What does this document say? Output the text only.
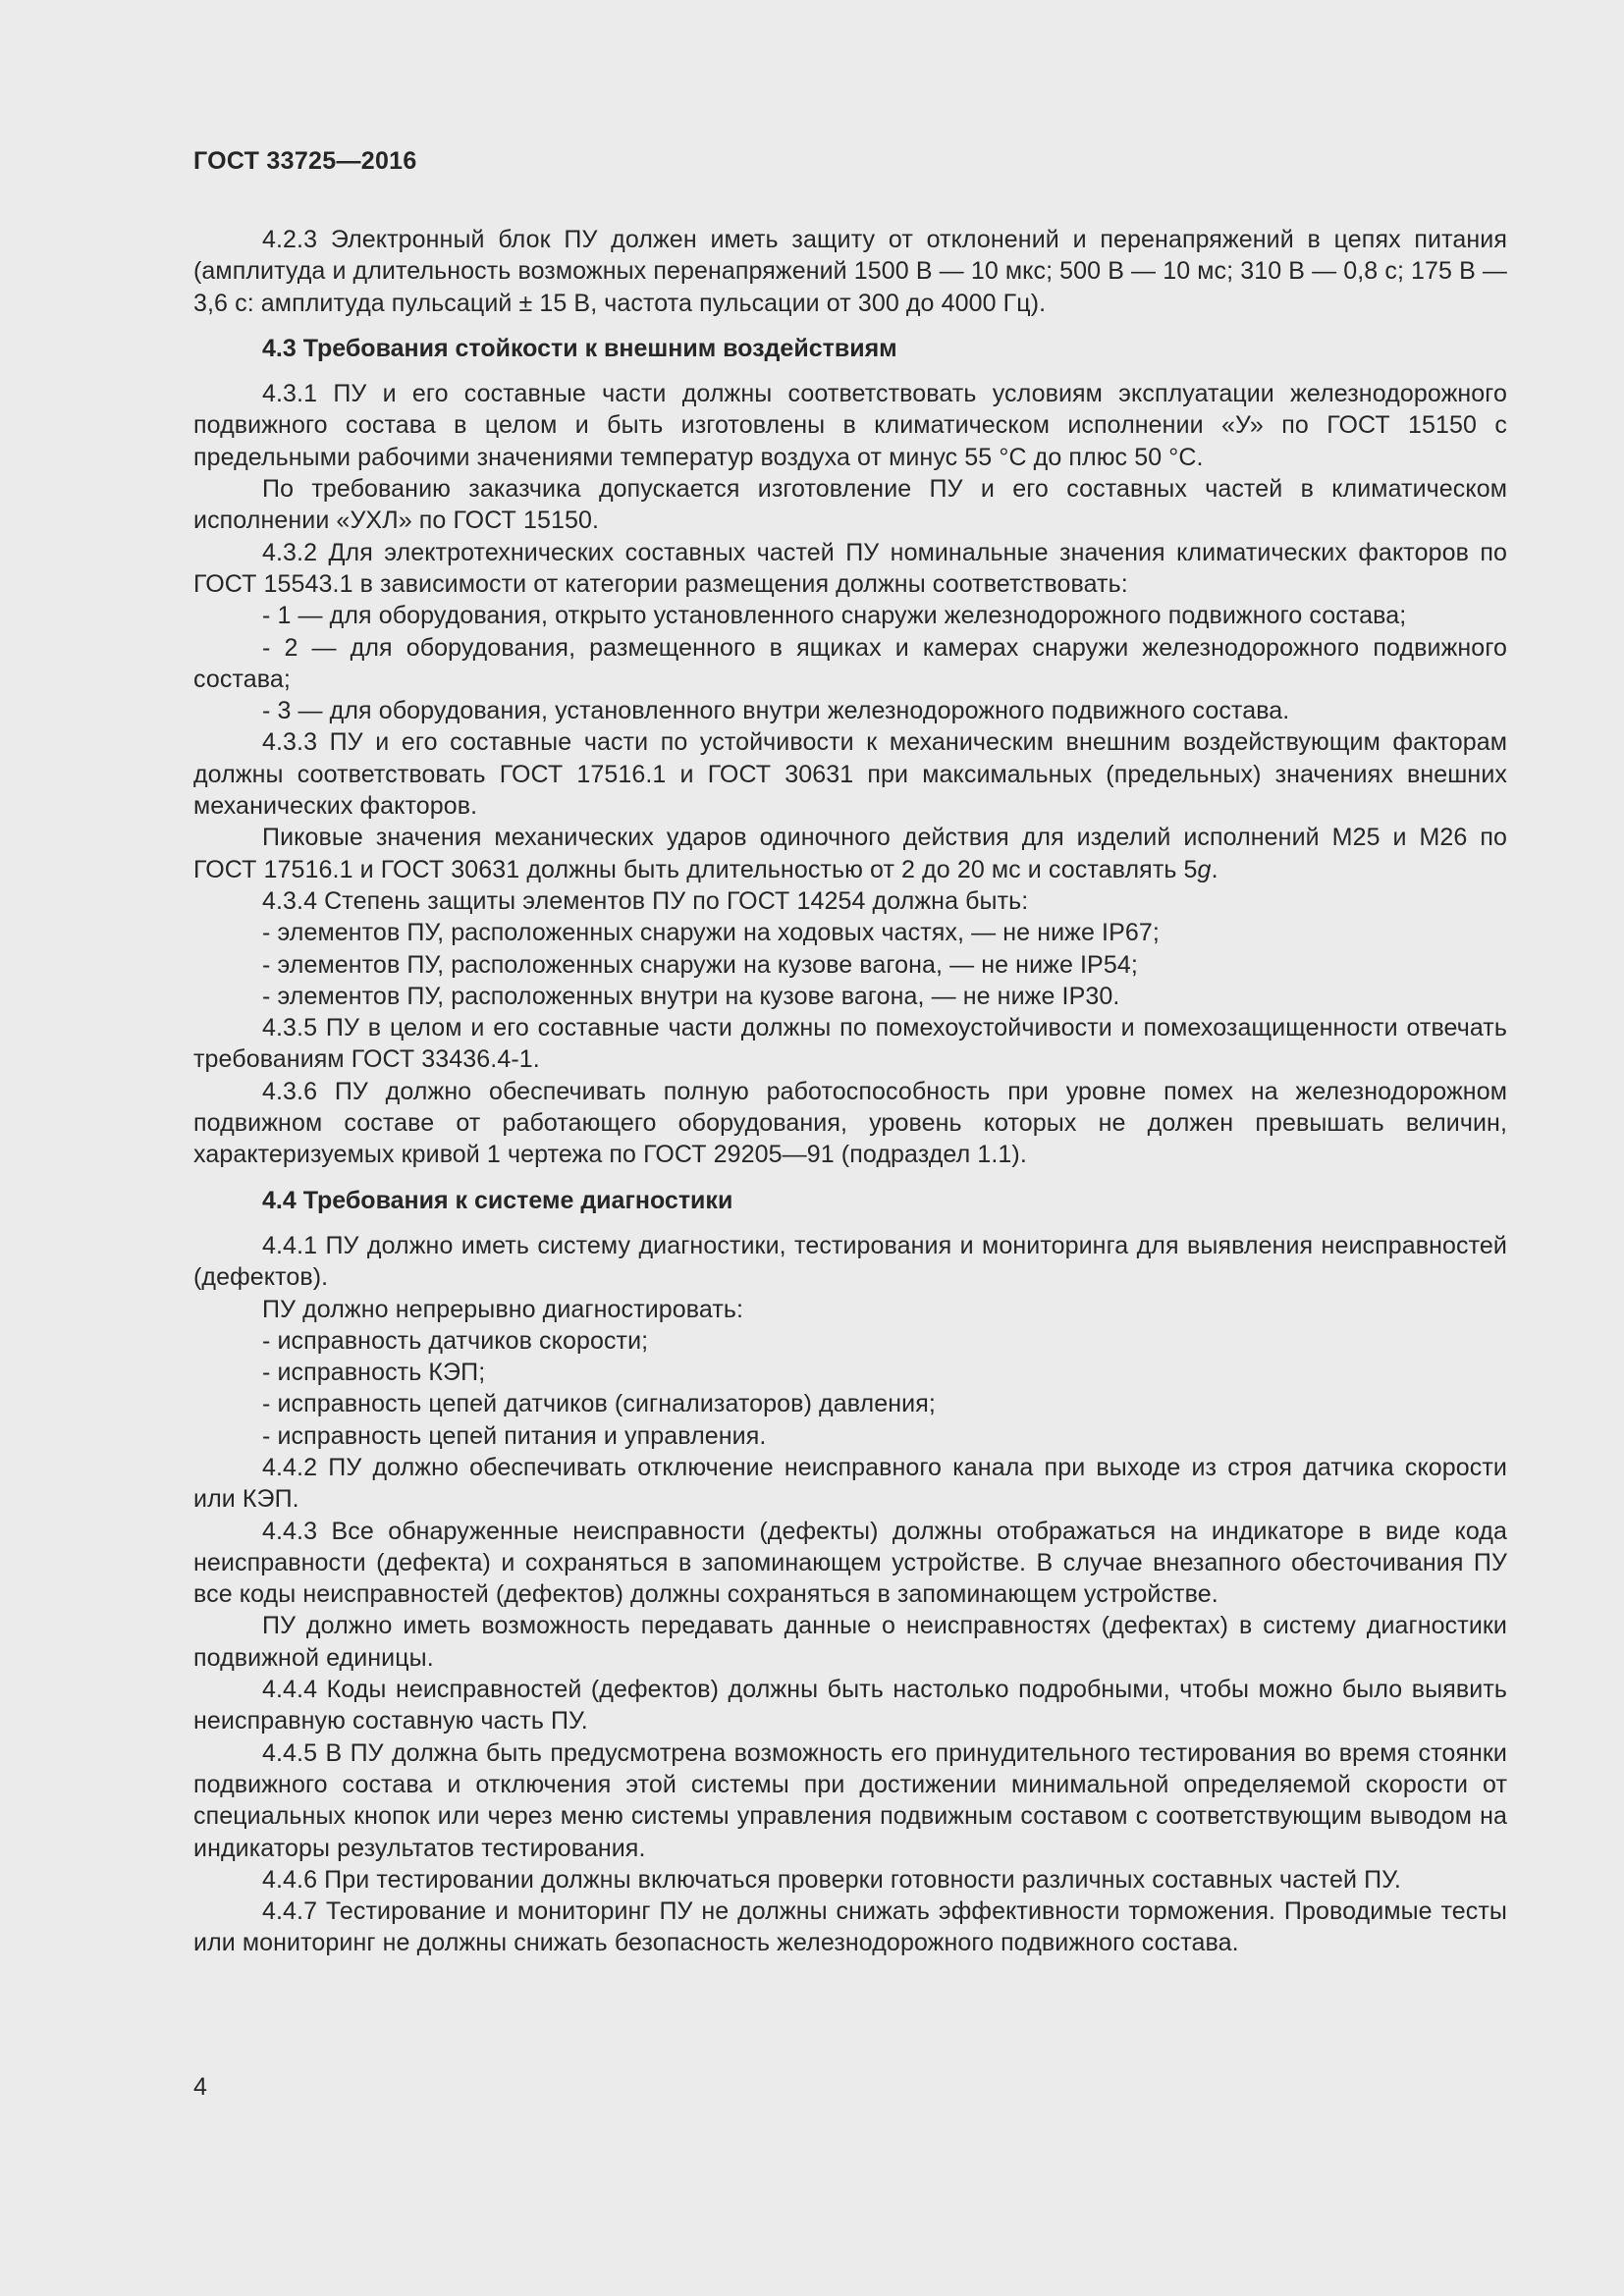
ГОСТ 33725—2016

4.2.3 Электронный блок ПУ должен иметь защиту от отклонений и перенапряжений в цепях питания (амплитуда и длительность возможных перенапряжений 1500 В — 10 мкс; 500 В — 10 мс; 310 В — 0,8 с; 175 В — 3,6 с: амплитуда пульсаций ± 15 В, частота пульсации от 300 до 4000 Гц).

4.3 Требования стойкости к внешним воздействиям

4.3.1 ПУ и его составные части должны соответствовать условиям эксплуатации железнодорожного подвижного состава в целом и быть изготовлены в климатическом исполнении «У» по ГОСТ 15150 с предельными рабочими значениями температур воздуха от минус 55 °С до плюс 50 °С.

По требованию заказчика допускается изготовление ПУ и его составных частей в климатическом исполнении «УХЛ» по ГОСТ 15150.

4.3.2 Для электротехнических составных частей ПУ номинальные значения климатических факторов по ГОСТ 15543.1 в зависимости от категории размещения должны соответствовать:

- 1 — для оборудования, открыто установленного снаружи железнодорожного подвижного состава;

- 2 — для оборудования, размещенного в ящиках и камерах снаружи железнодорожного подвижного состава;

- 3 — для оборудования, установленного внутри железнодорожного подвижного состава.

4.3.3 ПУ и его составные части по устойчивости к механическим внешним воздействующим факторам должны соответствовать ГОСТ 17516.1 и ГОСТ 30631 при максимальных (предельных) значениях внешних механических факторов.

Пиковые значения механических ударов одиночного действия для изделий исполнений М25 и М26 по ГОСТ 17516.1 и ГОСТ 30631 должны быть длительностью от 2 до 20 мс и составлять 5g.

4.3.4 Степень защиты элементов ПУ по ГОСТ 14254 должна быть:

- элементов ПУ, расположенных снаружи на ходовых частях, — не ниже IP67;

- элементов ПУ, расположенных снаружи на кузове вагона, — не ниже IP54;

- элементов ПУ, расположенных внутри на кузове вагона, — не ниже IP30.

4.3.5 ПУ в целом и его составные части должны по помехоустойчивости и помехозащищенности отвечать требованиям ГОСТ 33436.4-1.

4.3.6 ПУ должно обеспечивать полную работоспособность при уровне помех на железнодорожном подвижном составе от работающего оборудования, уровень которых не должен превышать величин, характеризуемых кривой 1 чертежа по ГОСТ 29205—91 (подраздел 1.1).

4.4 Требования к системе диагностики

4.4.1 ПУ должно иметь систему диагностики, тестирования и мониторинга для выявления неисправностей (дефектов).

ПУ должно непрерывно диагностировать:

- исправность датчиков скорости;

- исправность КЭП;

- исправность цепей датчиков (сигнализаторов) давления;

- исправность цепей питания и управления.

4.4.2 ПУ должно обеспечивать отключение неисправного канала при выходе из строя датчика скорости или КЭП.

4.4.3 Все обнаруженные неисправности (дефекты) должны отображаться на индикаторе в виде кода неисправности (дефекта) и сохраняться в запоминающем устройстве. В случае внезапного обесточивания ПУ все коды неисправностей (дефектов) должны сохраняться в запоминающем устройстве.

ПУ должно иметь возможность передавать данные о неисправностях (дефектах) в систему диагностики подвижной единицы.

4.4.4 Коды неисправностей (дефектов) должны быть настолько подробными, чтобы можно было выявить неисправную составную часть ПУ.

4.4.5 В ПУ должна быть предусмотрена возможность его принудительного тестирования во время стоянки подвижного состава и отключения этой системы при достижении минимальной определяемой скорости от специальных кнопок или через меню системы управления подвижным составом с соответствующим выводом на индикаторы результатов тестирования.

4.4.6 При тестировании должны включаться проверки готовности различных составных частей ПУ.

4.4.7 Тестирование и мониторинг ПУ не должны снижать эффективности торможения. Проводимые тесты или мониторинг не должны снижать безопасность железнодорожного подвижного состава.

4
